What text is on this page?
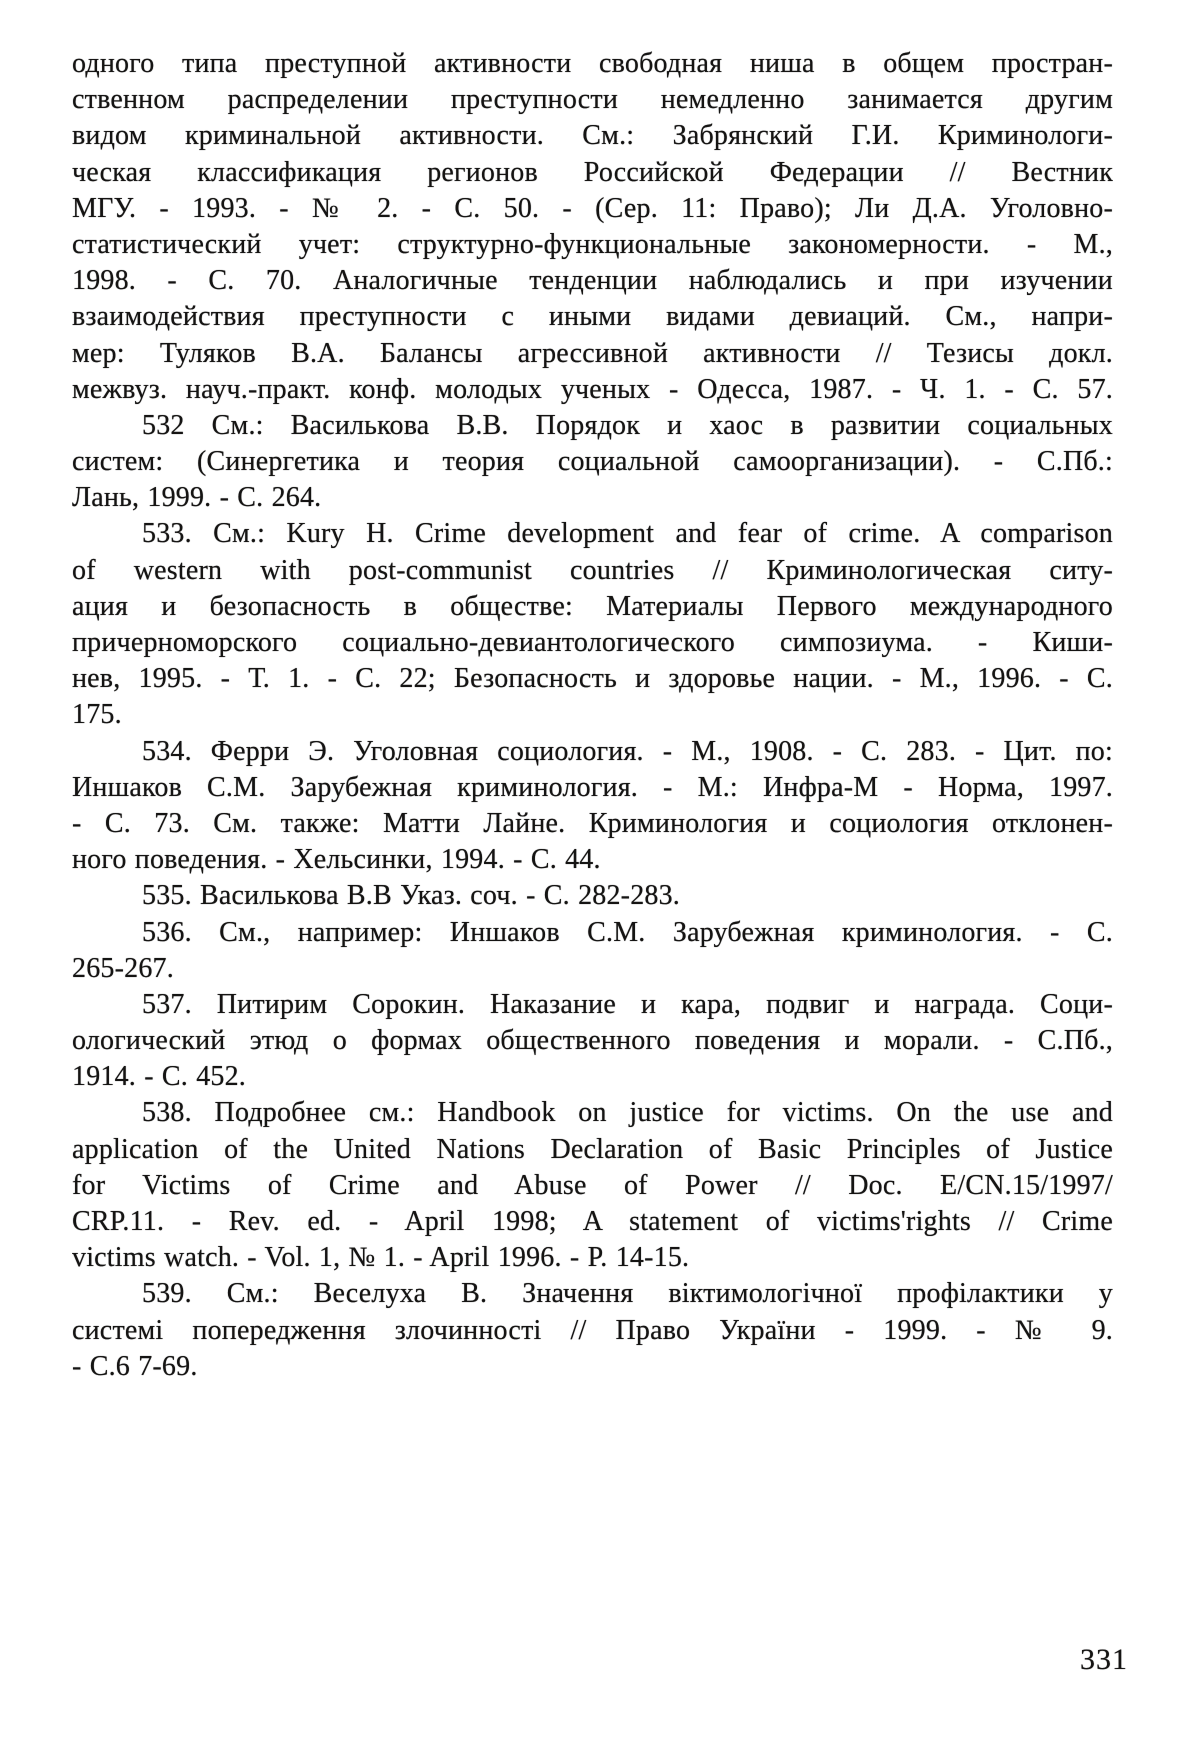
одного типа преступной активности свободная ниша в общем простран-
ственном распределении преступности немедленно занимается другим
видом криминальной активности. См.: Забрянский Г.И. Криминологи-
ческая классификация регионов Российской Федерации // Вестник
МГУ. - 1993. - № 2. - С. 50. - (Сер. 11: Право); Ли Д.А. Уголовно-
статистический учет: структурно-функциональные закономерности. - М.,
1998. - С. 70. Аналогичные тенденции наблюдались и при изучении
взаимодействия преступности с иными видами девиаций. См., напри-
мер: Туляков В.А. Балансы агрессивной активности // Тезисы докл.
межвуз. науч.-практ. конф. молодых ученых - Одесса, 1987. - Ч. 1. - С. 57.
532 См.: Василькова В.В. Порядок и хаос в развитии социальных
систем: (Синергетика и теория социальной самоорганизации). - С.Пб.:
Лань, 1999. - С. 264.
533. См.: Kury H. Crime development and fear of crime. A comparison
of western with post-communist countries // Криминологическая ситу-
ация и безопасность в обществе: Материалы Первого международного
причерноморского социально-девиантологического симпозиума. - Киши-
нев, 1995. - Т. 1. - С. 22; Безопасность и здоровье нации. - М., 1996. - С.
175.
534. Ферри Э. Уголовная социология. - М., 1908. - С. 283. - Цит. по:
Иншаков С.М. Зарубежная криминология. - М.: Инфра-М - Норма, 1997.
- С. 73. См. также: Матти Лайне. Криминология и социология отклонен-
ного поведения. - Хельсинки, 1994. - С. 44.
535. Василькова В.В Указ. соч. - С. 282-283.
536. См., например: Иншаков С.М. Зарубежная криминология. - С.
265-267.
537. Питирим Сорокин. Наказание и кара, подвиг и награда. Соци-
ологический этюд о формах общественного поведения и морали. - С.Пб.,
1914. - С. 452.
538. Подробнее см.: Handbook on justice for victims. On the use and
application of the United Nations Declaration of Basic Principles of Justice
for Victims of Crime and Abuse of Power // Doc. E/CN.15/1997/
CRP.11. - Rev. ed. - April 1998; A statement of victims'rights // Crime
victims watch. - Vol. 1, № 1. - April 1996. - P. 14-15.
539. См.: Веселуха В. Значення віктимологічної профілактики у
системі попередження злочинності // Право України - 1999. - № 9.
- С.6 7-69.
331
